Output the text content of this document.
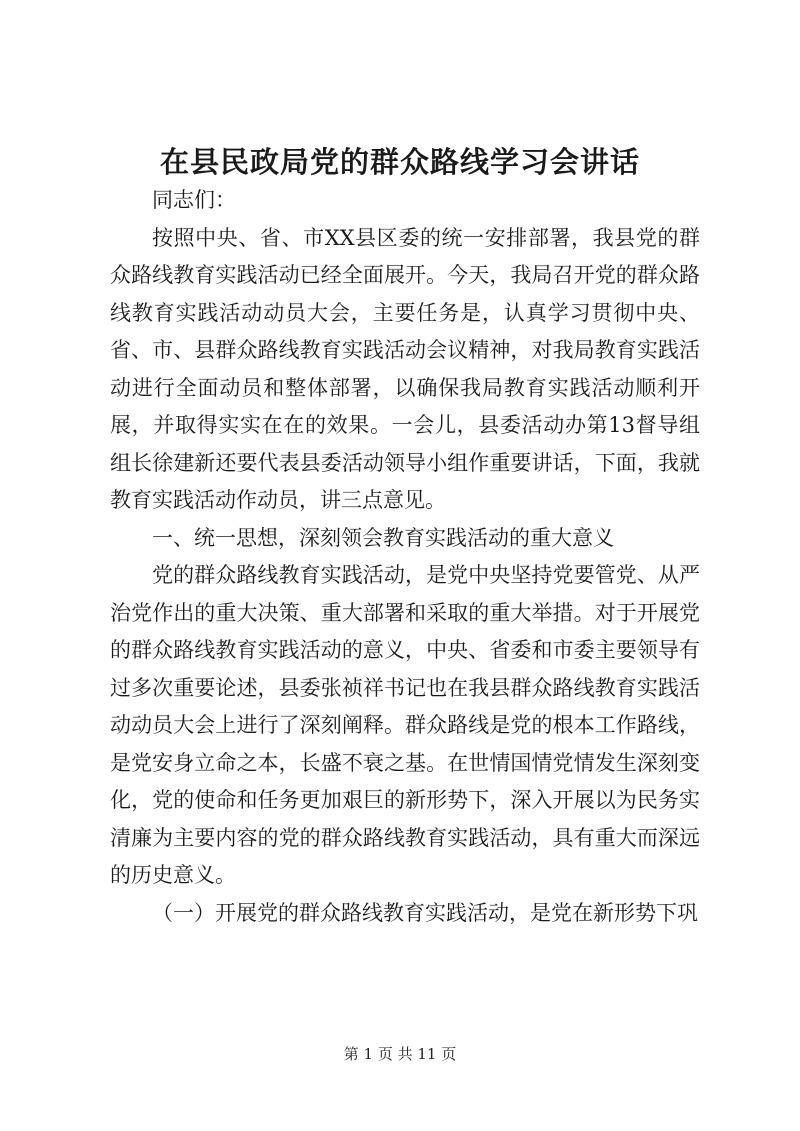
在县民政局党的群众路线学习会讲话

同志们：

按照中央、省、市XX县区委的统一安排部署，我县党的群众路线教育实践活动已经全面展开。今天，我局召开党的群众路线教育实践活动动员大会，主要任务是，认真学习贯彻中央、省、市、县群众路线教育实践活动会议精神，对我局教育实践活动进行全面动员和整体部署，以确保我局教育实践活动顺利开展，并取得实实在在的效果。一会儿，县委活动办第13督导组组长徐建新还要代表县委活动领导小组作重要讲话，下面，我就教育实践活动作动员，讲三点意见。

一、统一思想，深刻领会教育实践活动的重大意义

党的群众路线教育实践活动，是党中央坚持党要管党、从严治党作出的重大决策、重大部署和采取的重大举措。对于开展党的群众路线教育实践活动的意义，中央、省委和市委主要领导有过多次重要论述，县委张祯祥书记也在我县群众路线教育实践活动动员大会上进行了深刻阐释。群众路线是党的根本工作路线，是党安身立命之本，长盛不衰之基。在世情国情党情发生深刻变化，党的使命和任务更加艰巨的新形势下，深入开展以为民务实清廉为主要内容的党的群众路线教育实践活动，具有重大而深远的历史意义。

（一）开展党的群众路线教育实践活动，是党在新形势下巩

第 1 页 共 11 页
